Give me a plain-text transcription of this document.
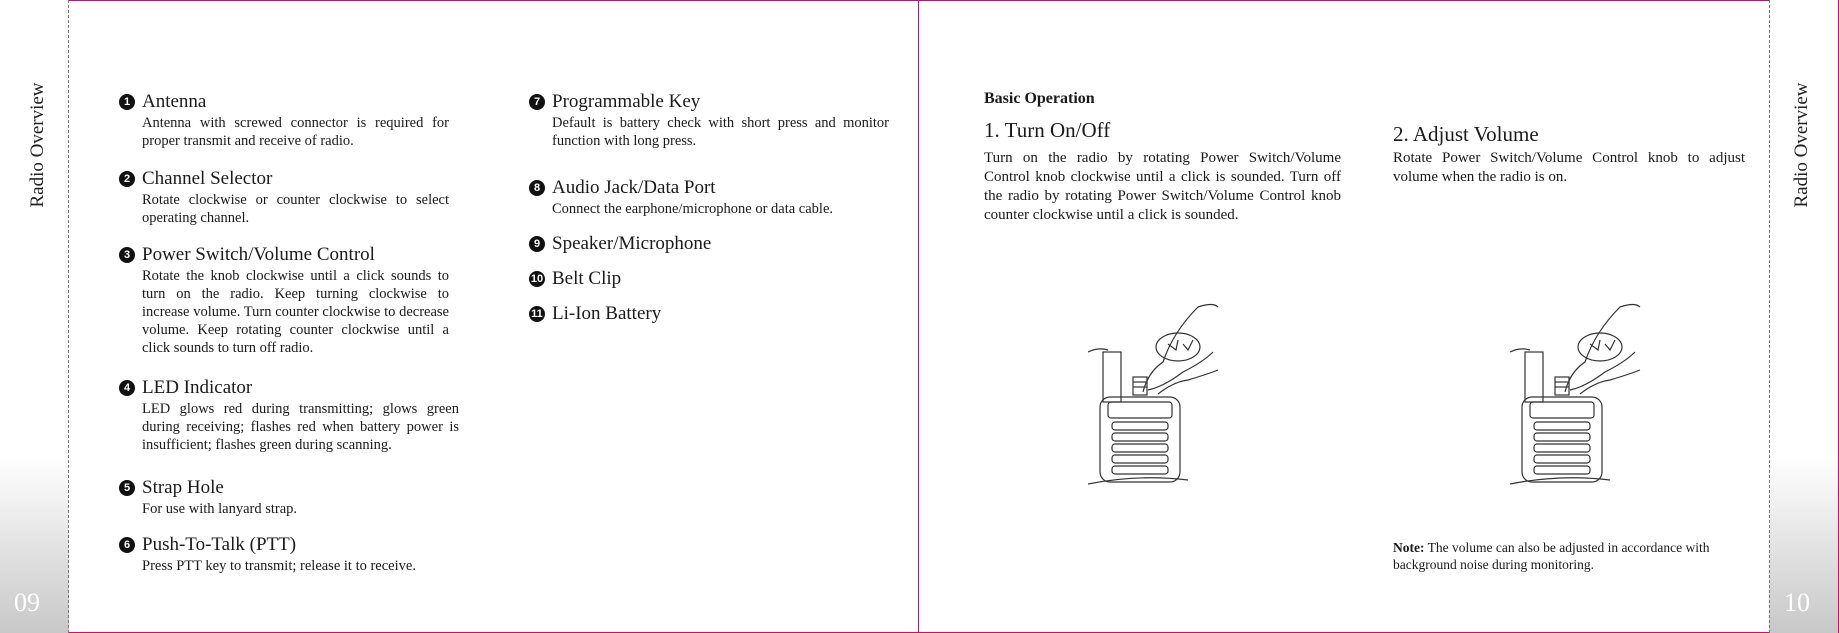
Radio Overview
09
Radio Overview
10
1 Antenna
Antenna with screwed connector is required for proper transmit and receive of radio.
2 Channel Selector
Rotate clockwise or counter clockwise to select operating channel.
3 Power Switch/Volume Control
Rotate the knob clockwise until a click sounds to turn on the radio. Keep turning clockwise to increase volume. Turn counter clockwise to decrease volume. Keep rotating counter clockwise until a click sounds to turn off radio.
4 LED Indicator
LED glows red during transmitting; glows green during receiving; flashes red when battery power is insufficient; flashes green during scanning.
5 Strap Hole
For use with lanyard strap.
6 Push-To-Talk (PTT)
Press PTT key to transmit; release it to receive.
7 Programmable Key
Default is battery check with short press and monitor function with long press.
8 Audio Jack/Data Port
Connect the earphone/microphone or data cable.
9 Speaker/Microphone
10 Belt Clip
11 Li-Ion Battery
Basic Operation
1. Turn On/Off
Turn on the radio by rotating Power Switch/Volume Control knob clockwise until a click is sounded. Turn off the radio by rotating Power Switch/Volume Control knob counter clockwise until a click is sounded.
2. Adjust Volume
Rotate Power Switch/Volume Control knob to adjust volume when the radio is on.
Note: The volume can also be adjusted in accordance with background noise during monitoring.
